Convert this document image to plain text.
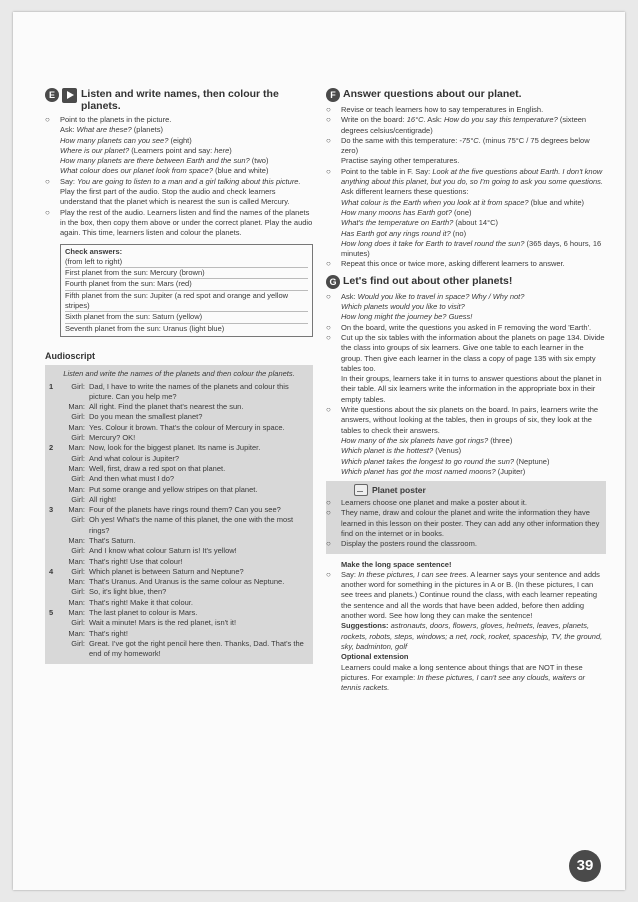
E	Listen and write names, then colour the planets.
○	Point to the planets in the picture.
Ask: What are these? (planets)
How many planets can you see? (eight)
Where is our planet? (Learners point and say: here)
How many planets are there between Earth and the sun? (two)
What colour does our planet look from space? (blue and white)
○	Say: You are going to listen to a man and a girl talking about this picture.
Play the first part of the audio. Stop the audio and check learners understand that the planet which is nearest the sun is called Mercury.
○	Play the rest of the audio. Learners listen and find the names of the planets in the box, then copy them above or under the correct planet. Play the audio again. This time, learners listen and colour the planets.
Check answers:
(from left to right)
First planet from the sun: Mercury (brown)
Fourth planet from the sun: Mars (red)
Fifth planet from the sun: Jupiter (a red spot and orange and yellow stripes)
Sixth planet from the sun: Saturn (yellow)
Seventh planet from the sun: Uranus (light blue)
Audioscript
Listen and write the names of the planets and then colour the planets.
1	Girl: Dad, I have to write the names of the planets and colour this picture. Can you help me?
Man: All right. Find the planet that's nearest the sun.
Girl: Do you mean the smallest planet?
Man: Yes. Colour it brown. That's the colour of Mercury in space.
Girl: Mercury? OK!
2	Man: Now, look for the biggest planet. Its name is Jupiter.
Girl: And what colour is Jupiter?
Man: Well, first, draw a red spot on that planet.
Girl: And then what must I do?
Man: Put some orange and yellow stripes on that planet.
Girl: All right!
3	Man: Four of the planets have rings round them? Can you see?
Girl: Oh yes! What's the name of this planet, the one with the most rings?
Man: That's Saturn.
Girl: And I know what colour Saturn is! It's yellow!
Man: That's right! Use that colour!
4	Girl: Which planet is between Saturn and Neptune?
Man: That's Uranus. And Uranus is the same colour as Neptune.
Girl: So, it's light blue, then?
Man: That's right! Make it that colour.
5	Man: The last planet to colour is Mars.
Girl: Wait a minute! Mars is the red planet, isn't it!
Man: That's right!
Girl: Great. I've got the right pencil here then. Thanks, Dad. That's the end of my homework!
F Answer questions about our planet.
○	Revise or teach learners how to say temperatures in English.
○	Write on the board: 16°C. Ask: How do you say this temperature? (sixteen degrees celsius/centigrade)
○	Do the same with this temperature: -75°C. (minus 75°C / 75 degrees below zero)
Practise saying other temperatures.
○	Point to the table in F. Say: Look at the five questions about Earth. I don't know anything about this planet, but you do, so I'm going to ask you some questions.
Ask different learners these questions:
What colour is the Earth when you look at it from space? (blue and white)
How many moons has Earth got? (one)
What's the temperature on Earth? (about 14°C)
Has Earth got any rings round it? (no)
How long does it take for Earth to travel round the sun? (365 days, 6 hours, 16 minutes)
○	Repeat this once or twice more, asking different learners to answer.
G Let's find out about other planets!
○	Ask: Would you like to travel in space? Why / Why not?
Which planets would you like to visit?
How long might the journey be? Guess!
○	On the board, write the questions you asked in F removing the word 'Earth'.
○	Cut up the six tables with the information about the planets on page 134. Divide the class into groups of six learners. Give one table to each learner in the group. Then give each learner in the class a copy of page 135 with six empty tables too.
In their groups, learners take it in turns to answer questions about the planet in their table. All six learners write the information in the appropriate box in their empty tables.
○	Write questions about the six planets on the board. In pairs, learners write the answers, without looking at the tables, then in groups of six, they look at the tables to check their answers.
How many of the six planets have got rings? (three)
Which planet is the hottest? (Venus)
Which planet takes the longest to go round the sun? (Neptune)
Which planet has got the most named moons? (Jupiter)
Planet poster
○	Learners choose one planet and make a poster about it.
○	They name, draw and colour the planet and write the information they have learned in this lesson on their poster. They can add any other information they find on the internet or in books.
○	Display the posters round the classroom.
Make the long space sentence!
○	Say: In these pictures, I can see trees. A learner says your sentence and adds another word for something in the pictures in A or B. (In these pictures, I can see trees and planets.) Continue round the class, with each learner repeating the sentence and all the words that have been added, before then adding another word. See how long they can make the sentence!
Suggestions: astronauts, doors, flowers, gloves, helmets, leaves, planets, rockets, robots, steps, windows; a net, rock, rocket, spaceship, TV, the ground, sky, badminton, golf
Optional extension
Learners could make a long sentence about things that are NOT in these pictures. For example: In these pictures, I can't see any clouds, waiters or tennis rackets.
39
